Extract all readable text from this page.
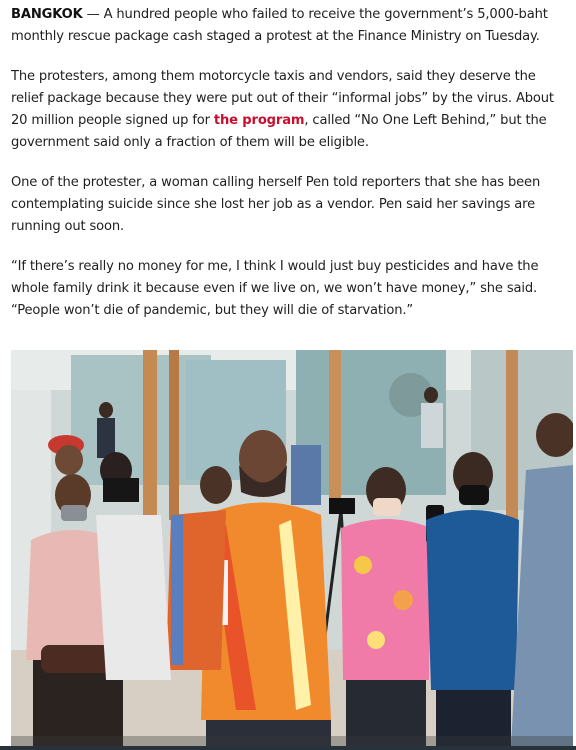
BANGKOK — A hundred people who failed to receive the government’s 5,000-baht monthly rescue package cash staged a protest at the Finance Ministry on Tuesday.

The protesters, among them motorcycle taxis and vendors, said they deserve the relief package because they were put out of their “informal jobs” by the virus. About 20 million people signed up for the program, called “No One Left Behind,” but the government said only a fraction of them will be eligible.

One of the protester, a woman calling herself Pen told reporters that she has been contemplating suicide since she lost her job as a vendor. Pen said her savings are running out soon.

“If there’s really no money for me, I think I would just buy pesticides and have the whole family drink it because even if we live on, we won’t have money,” she said. “People won’t die of pandemic, but they will die of starvation.”
